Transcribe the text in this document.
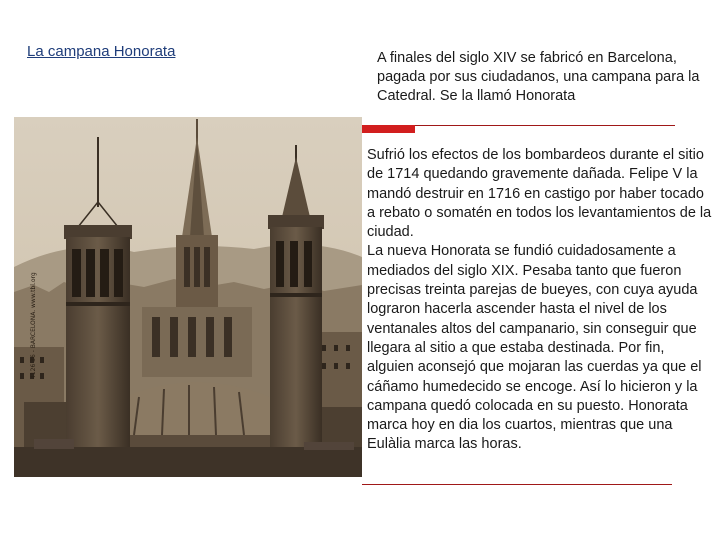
La campana Honorata	A finales del siglo XIV se fabricó en Barcelona, pagada por sus ciudadanos, una campana para la Catedral. Se la llamó Honorata
4126 36 - BARCELONA. www.tbl.org

Sufrió los efectos de los bombardeos durante el sitio de 1714 quedando gravemente dañada. Felipe V la mandó destruir en 1716 en castigo por haber tocado a rebato o somatén en todos los levantamientos de la ciudad.

La nueva Honorata se fundió cuidadosamente a mediados del siglo XIX. Pesaba tanto que fueron precisas treinta parejas de bueyes, con cuya ayuda lograron hacerla ascender hasta el nivel de los ventanales altos del campanario, sin conseguir que llegara al sitio a que estaba destinada. Por fin, alguien aconsejó que mojaran las cuerdas ya que el cáñamo humedecido se encoge. Así lo hicieron y la campana quedó colocada en su puesto. Honorata marca hoy en dia los cuartos, mientras que una Eulàlia marca las horas.
